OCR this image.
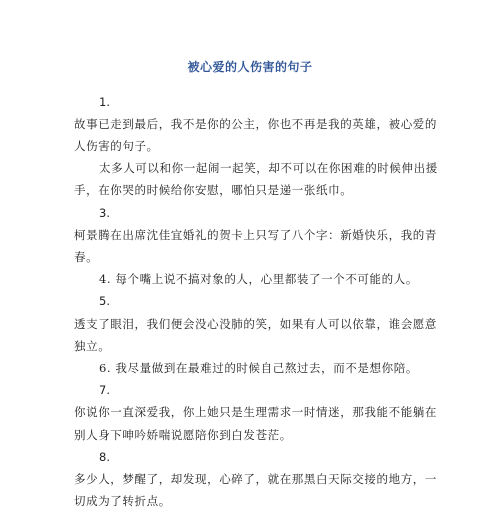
被心爱的人伤害的句子
1.
故事已走到最后，我不是你的公主，你也不再是我的英雄，被心爱的
人伤害的句子。
太多人可以和你一起闹一起笑，却不可以在你困难的时候伸出援
手，在你哭的时候给你安慰，哪怕只是递一张纸巾。
3.
柯景腾在出席沈佳宜婚礼的贺卡上只写了八个字：新婚快乐，我的青
春。
4. 每个嘴上说不搞对象的人，心里都装了一个不可能的人。
5.
透支了眼泪，我们便会没心没肺的笑，如果有人可以依靠，谁会愿意
独立。
6. 我尽量做到在最难过的时候自己熬过去，而不是想你陪。
7.
你说你一直深爱我，你上她只是生理需求一时情迷，那我能不能躺在
别人身下呻吟娇喘说愿陪你到白发苍茫。
8.
多少人，梦醒了，却发现，心碎了，就在那黑白天际交接的地方，一
切成为了转折点。
